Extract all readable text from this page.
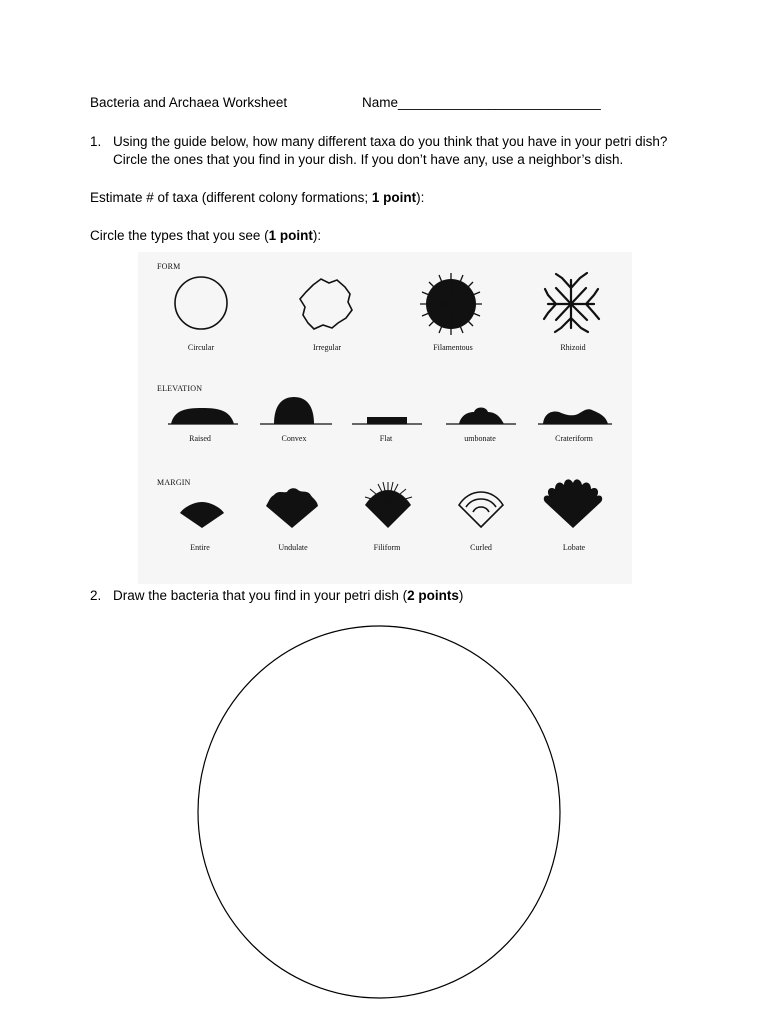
Bacteria and Archaea Worksheet	Name___________________________
1. Using the guide below, how many different taxa do you think that you have in your petri dish? Circle the ones that you find in your dish. If you don’t have any, use a neighbor’s dish.
Estimate # of taxa (different colony formations; 1 point):
Circle the types that you see (1 point):
FORM
ELEVATION
MARGIN
Circular	Irregular	Filamentous	Rhizoid
Raised	Convex	Flat	umbonate	Crateriform
Entire	Undulate	Filiform	Curled	Lobate
2. Draw the bacteria that you find in your petri dish (2 points)
